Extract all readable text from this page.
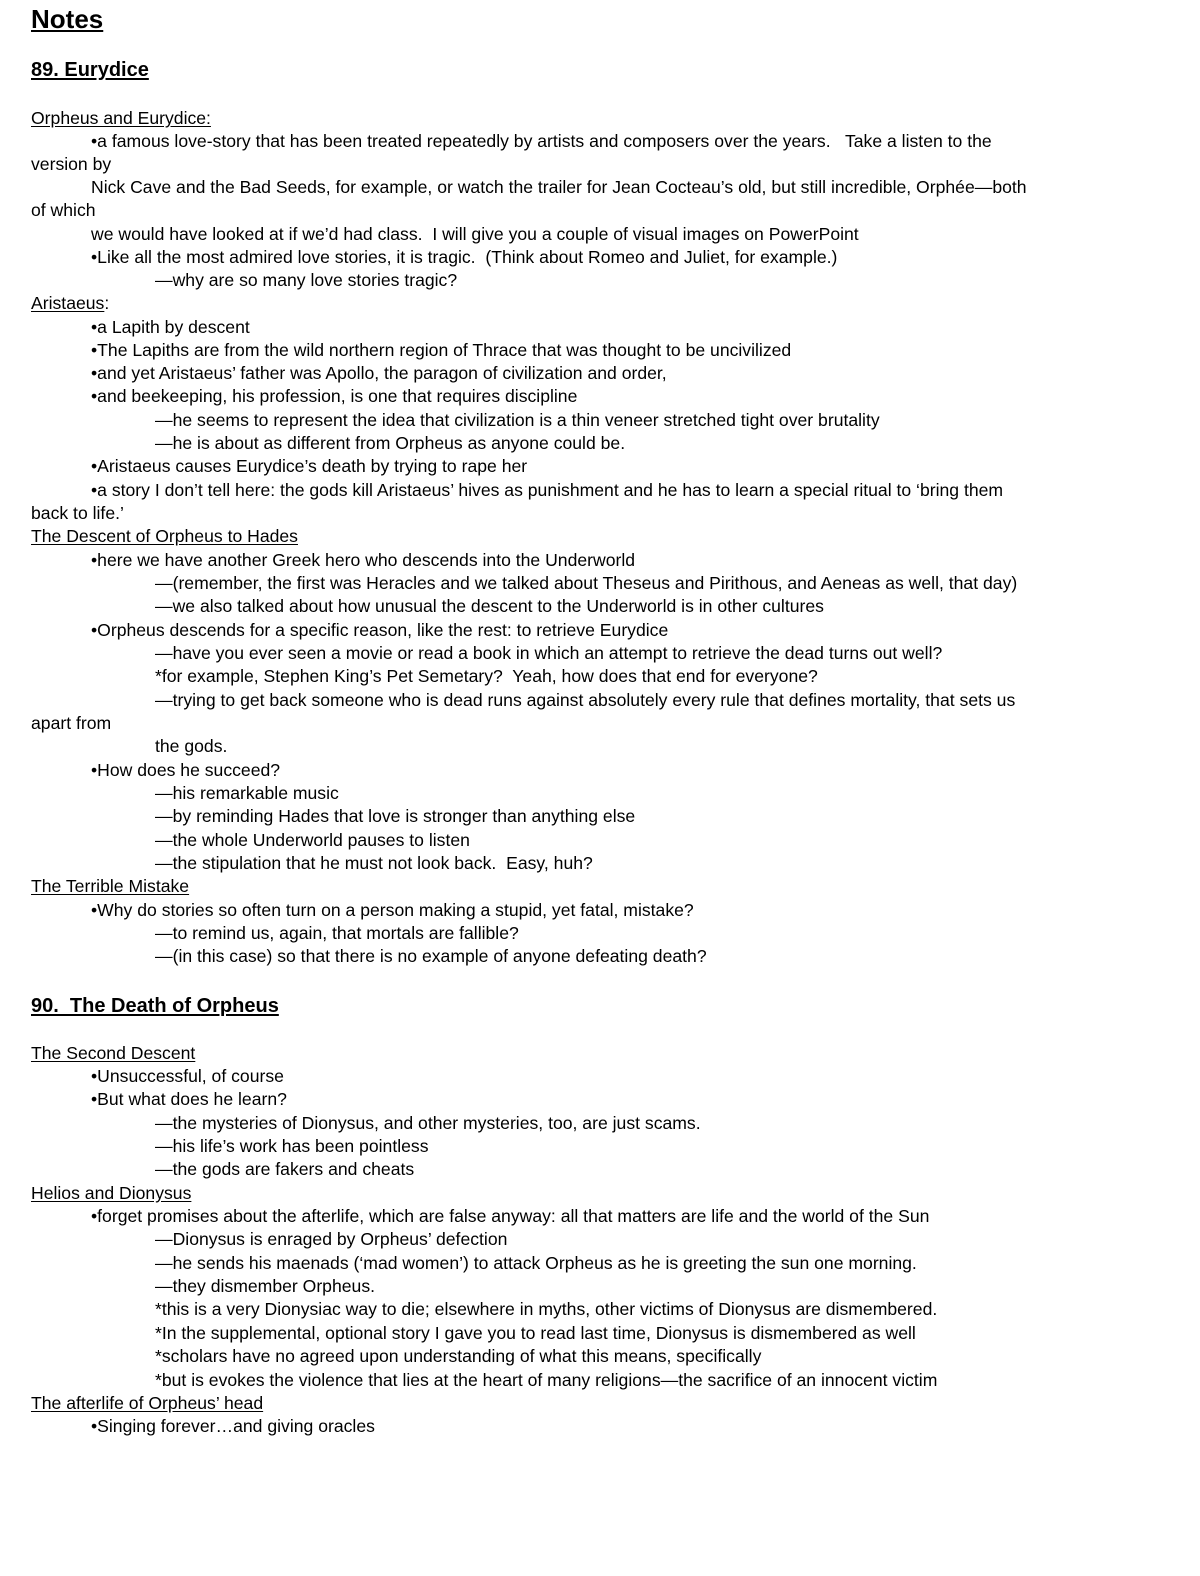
Notes
89. Eurydice
Orpheus and Eurydice:
•a famous love-story that has been treated repeatedly by artists and composers over the years.   Take a listen to the
version by
Nick Cave and the Bad Seeds, for example, or watch the trailer for Jean Cocteau’s old, but still incredible, Orphée—both
of which
we would have looked at if we’d had class.  I will give you a couple of visual images on PowerPoint
•Like all the most admired love stories, it is tragic.  (Think about Romeo and Juliet, for example.)
—why are so many love stories tragic?
Aristaeus:
•a Lapith by descent
•The Lapiths are from the wild northern region of Thrace that was thought to be uncivilized
•and yet Aristaeus’ father was Apollo, the paragon of civilization and order,
•and beekeeping, his profession, is one that requires discipline
—he seems to represent the idea that civilization is a thin veneer stretched tight over brutality
—he is about as different from Orpheus as anyone could be.
•Aristaeus causes Eurydice’s death by trying to rape her
•a story I don’t tell here: the gods kill Aristaeus’ hives as punishment and he has to learn a special ritual to ‘bring them
back to life.’
The Descent of Orpheus to Hades
•here we have another Greek hero who descends into the Underworld
—(remember, the first was Heracles and we talked about Theseus and Pirithous, and Aeneas as well, that day)
—we also talked about how unusual the descent to the Underworld is in other cultures
•Orpheus descends for a specific reason, like the rest: to retrieve Eurydice
—have you ever seen a movie or read a book in which an attempt to retrieve the dead turns out well?
*for example, Stephen King’s Pet Semetary?  Yeah, how does that end for everyone?
—trying to get back someone who is dead runs against absolutely every rule that defines mortality, that sets us
apart from
the gods.
•How does he succeed?
—his remarkable music
—by reminding Hades that love is stronger than anything else
—the whole Underworld pauses to listen
—the stipulation that he must not look back.  Easy, huh?
The Terrible Mistake
•Why do stories so often turn on a person making a stupid, yet fatal, mistake?
—to remind us, again, that mortals are fallible?
—(in this case) so that there is no example of anyone defeating death?
90.  The Death of Orpheus
The Second Descent
•Unsuccessful, of course
•But what does he learn?
—the mysteries of Dionysus, and other mysteries, too, are just scams.
—his life’s work has been pointless
—the gods are fakers and cheats
Helios and Dionysus
•forget promises about the afterlife, which are false anyway: all that matters are life and the world of the Sun
—Dionysus is enraged by Orpheus’ defection
—he sends his maenads (‘mad women’) to attack Orpheus as he is greeting the sun one morning.
—they dismember Orpheus.
*this is a very Dionysiac way to die; elsewhere in myths, other victims of Dionysus are dismembered.
*In the supplemental, optional story I gave you to read last time, Dionysus is dismembered as well
*scholars have no agreed upon understanding of what this means, specifically
*but is evokes the violence that lies at the heart of many religions—the sacrifice of an innocent victim
The afterlife of Orpheus’ head
•Singing forever…and giving oracles
